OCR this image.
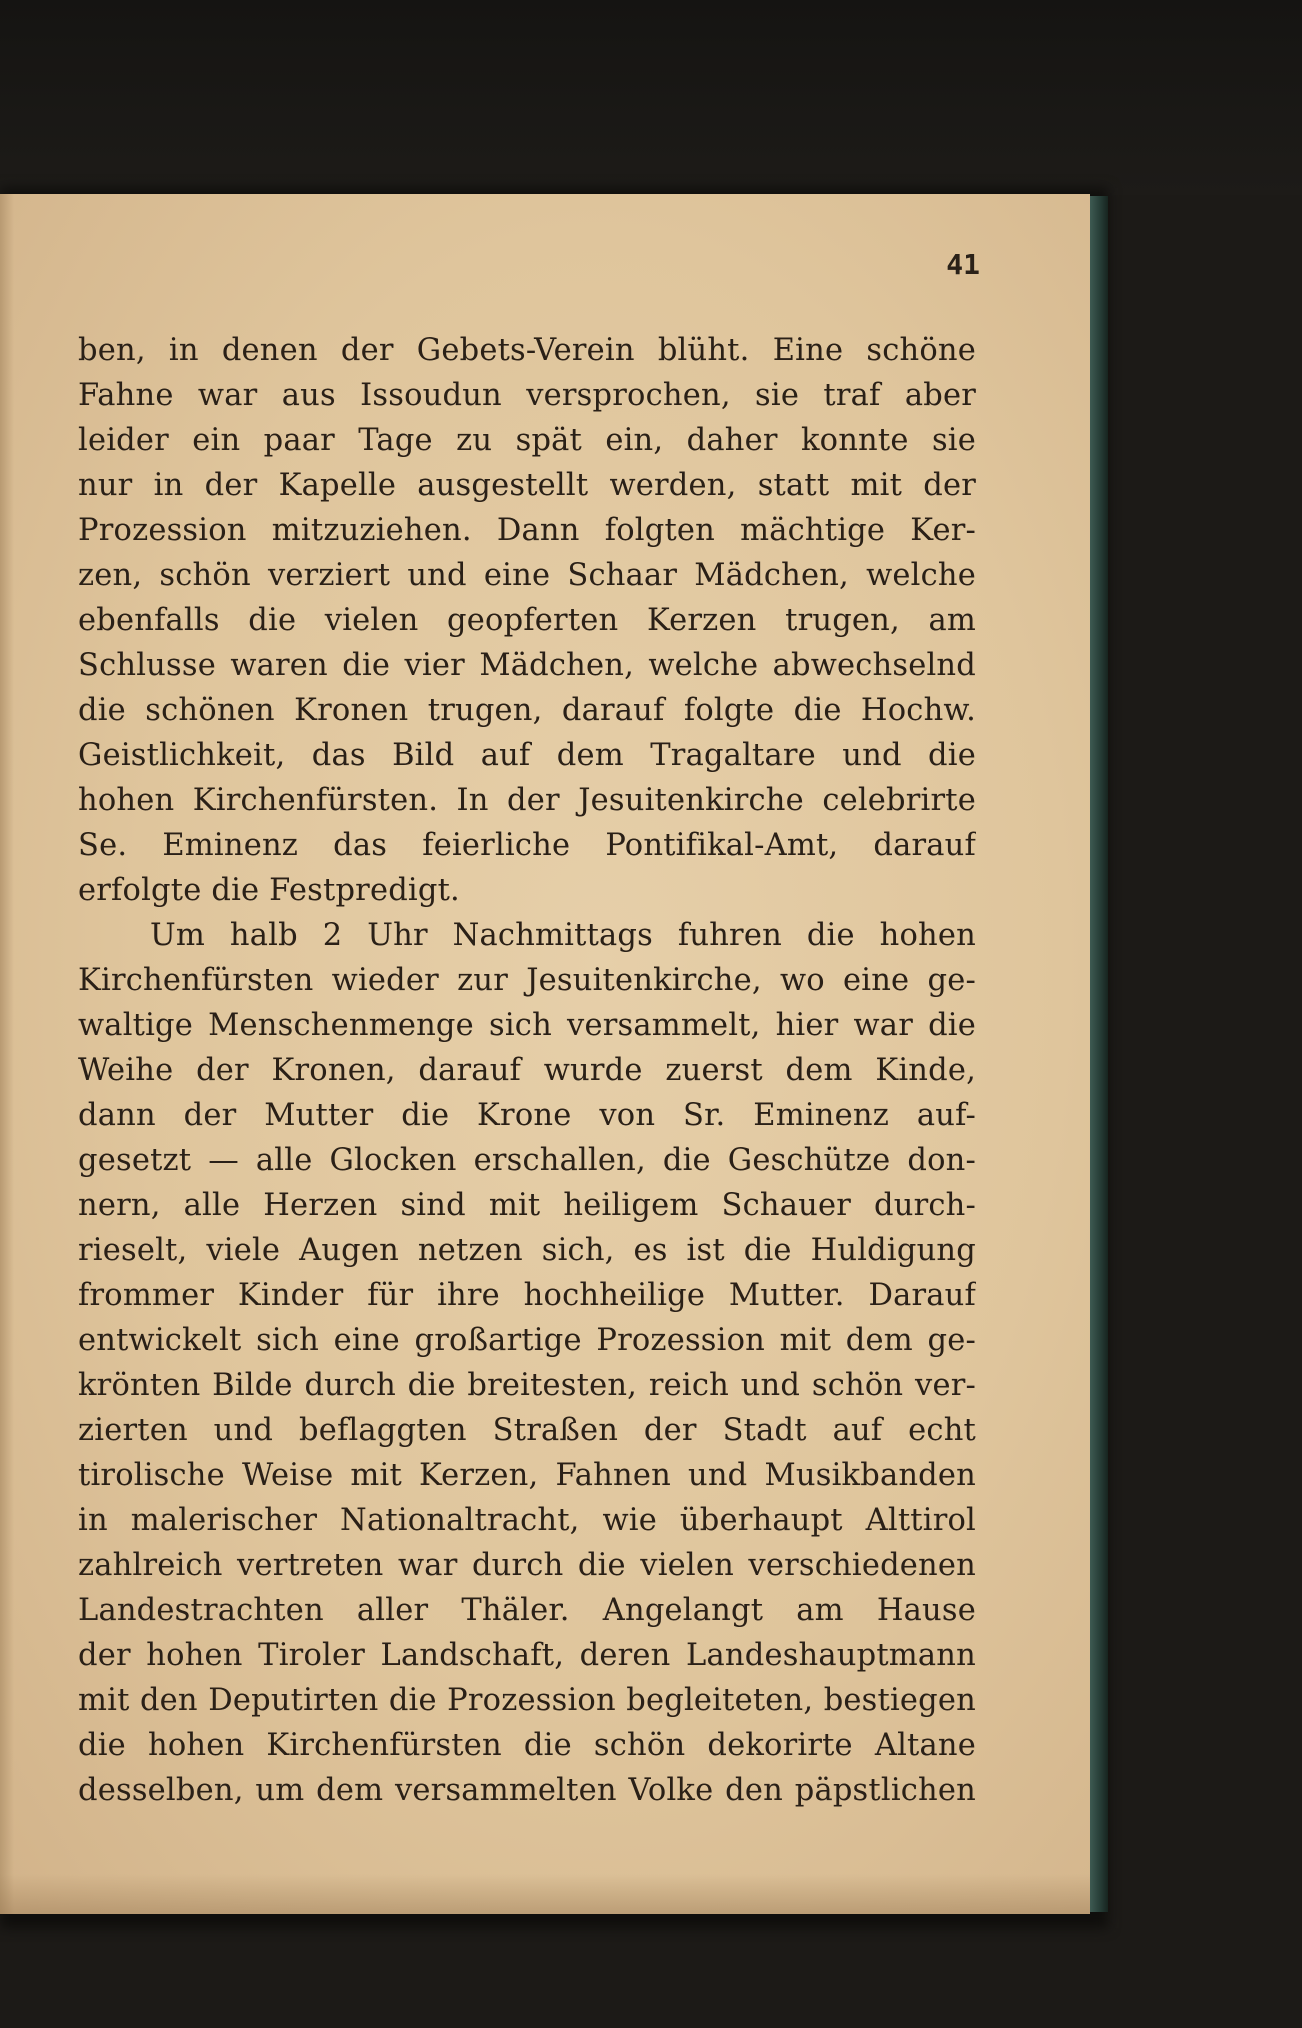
41
ben, in denen der Gebets-Verein blüht. Eine schöne
Fahne war aus Issoudun versprochen, sie traf aber
leider ein paar Tage zu spät ein, daher konnte sie
nur in der Kapelle ausgestellt werden, statt mit der
Prozession mitzuziehen. Dann folgten mächtige Ker-
zen, schön verziert und eine Schaar Mädchen, welche
ebenfalls die vielen geopferten Kerzen trugen, am
Schlusse waren die vier Mädchen, welche abwechselnd
die schönen Kronen trugen, darauf folgte die Hochw.
Geistlichkeit, das Bild auf dem Tragaltare und die
hohen Kirchenfürsten. In der Jesuitenkirche celebrirte
Se. Eminenz das feierliche Pontifikal-Amt, darauf
erfolgte die Festpredigt.
Um halb 2 Uhr Nachmittags fuhren die hohen
Kirchenfürsten wieder zur Jesuitenkirche, wo eine ge-
waltige Menschenmenge sich versammelt, hier war die
Weihe der Kronen, darauf wurde zuerst dem Kinde,
dann der Mutter die Krone von Sr. Eminenz auf-
gesetzt — alle Glocken erschallen, die Geschütze don-
nern, alle Herzen sind mit heiligem Schauer durch-
rieselt, viele Augen netzen sich, es ist die Huldigung
frommer Kinder für ihre hochheilige Mutter. Darauf
entwickelt sich eine großartige Prozession mit dem ge-
krönten Bilde durch die breitesten, reich und schön ver-
zierten und beflaggten Straßen der Stadt auf echt
tirolische Weise mit Kerzen, Fahnen und Musikbanden
in malerischer Nationaltracht, wie überhaupt Alttirol
zahlreich vertreten war durch die vielen verschiedenen
Landestrachten aller Thäler. Angelangt am Hause
der hohen Tiroler Landschaft, deren Landeshauptmann
mit den Deputirten die Prozession begleiteten, bestiegen
die hohen Kirchenfürsten die schön dekorirte Altane
desselben, um dem versammelten Volke den päpstlichen
